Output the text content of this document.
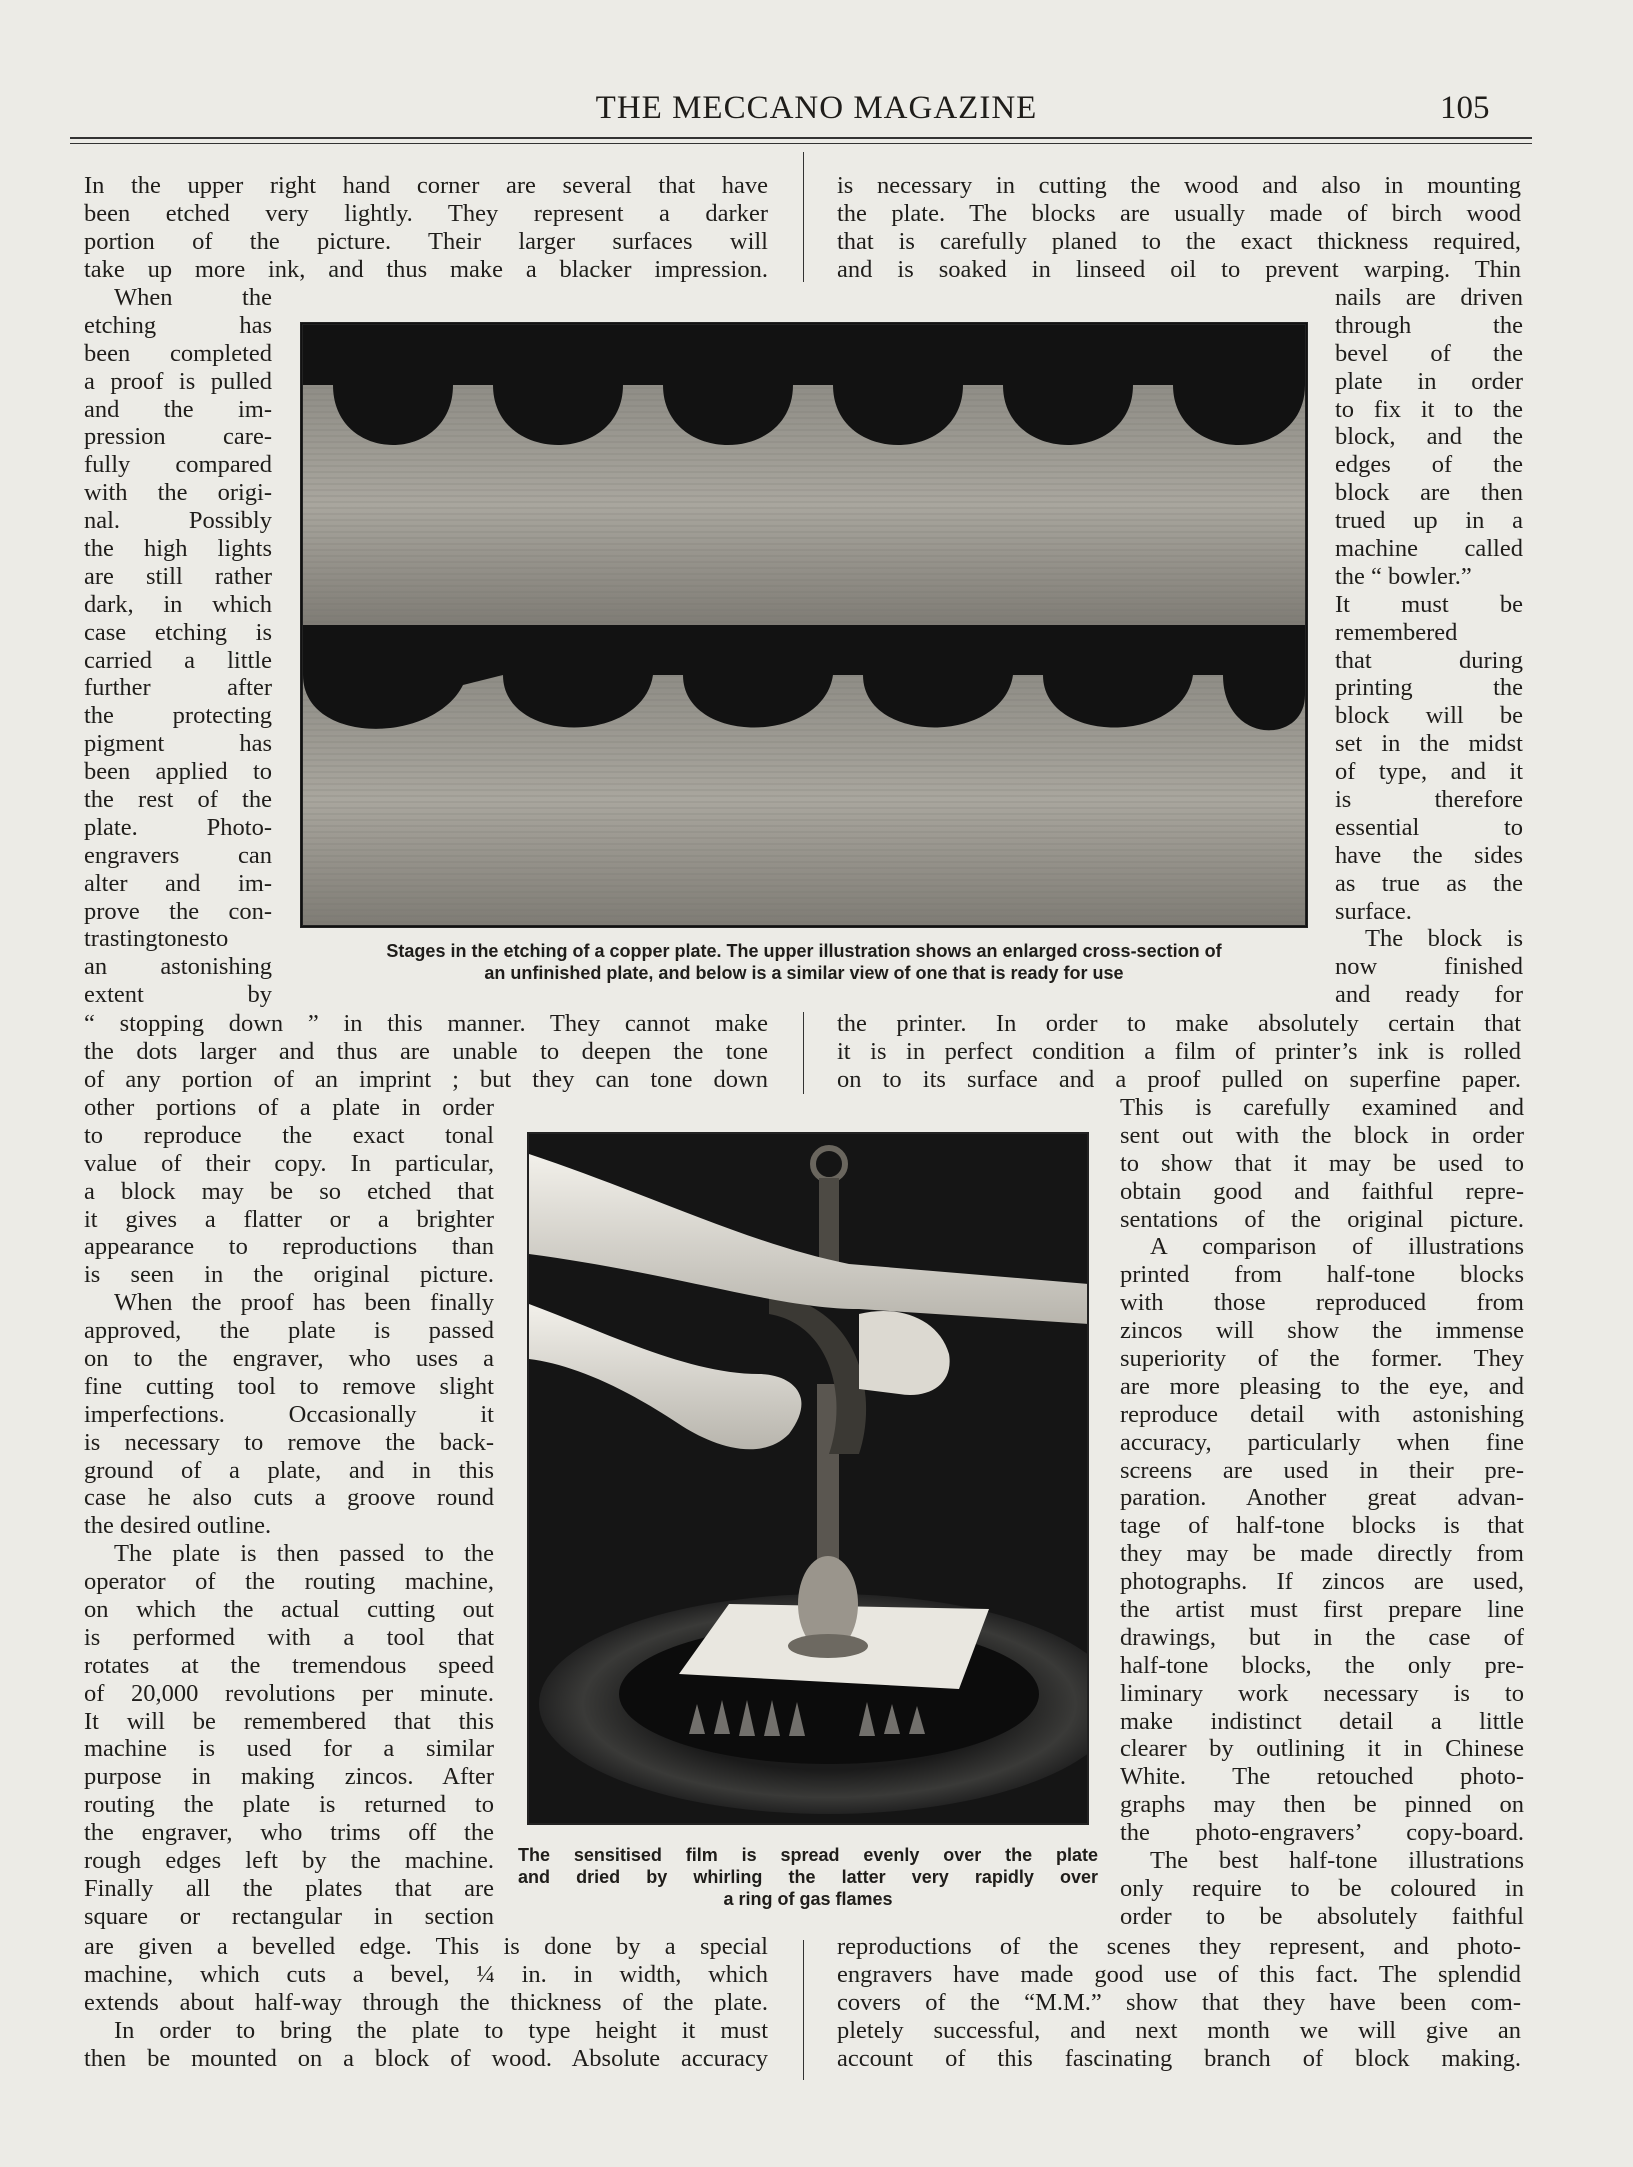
THE MECCANO MAGAZINE	105
In the upper right hand corner are several that have
been etched very lightly. They represent a darker
portion of the picture. Their larger surfaces will
take up more ink, and thus make a blacker impression.
is necessary in cutting the wood and also in mounting
the plate. The blocks are usually made of birch wood
that is carefully planed to the exact thickness required,
and is soaked in linseed oil to prevent warping. Thin
When the
etching has
been completed
a proof is pulled
and the im-
pression care-
fully compared
with the origi-
nal. Possibly
the high lights
are still rather
dark, in which
case etching is
carried a little
further after
the protecting
pigment has
been applied to
the rest of the
plate. Photo-
engravers can
alter and im-
prove the con-
trastingtonesto
an astonishing
extent by
nails are driven
through the
bevel of the
plate in order
to fix it to the
block, and the
edges of the
block are then
trued up in a
machine called
the “ bowler.”
It must be
remembered
that during
printing the
block will be
set in the midst
of type, and it
is therefore
essential to
have the sides
as true as the
surface.
The block is
now finished
and ready for
Stages in the etching of a copper plate. The upper illustration shows an enlarged cross-section of
an unfinished plate, and below is a similar view of one that is ready for use
“ stopping down ” in this manner. They cannot make
the dots larger and thus are unable to deepen the tone
of any portion of an imprint ; but they can tone down
the printer. In order to make absolutely certain that
it is in perfect condition a film of printer’s ink is rolled
on to its surface and a proof pulled on superfine paper.
other portions of a plate in order
to reproduce the exact tonal
value of their copy. In particular,
a block may be so etched that
it gives a flatter or a brighter
appearance to reproductions than
is seen in the original picture.
When the proof has been finally
approved, the plate is passed
on to the engraver, who uses a
fine cutting tool to remove slight
imperfections. Occasionally it
is necessary to remove the back-
ground of a plate, and in this
case he also cuts a groove round
the desired outline.
The plate is then passed to the
operator of the routing machine,
on which the actual cutting out
is performed with a tool that
rotates at the tremendous speed
of 20,000 revolutions per minute.
It will be remembered that this
machine is used for a similar
purpose in making zincos. After
routing the plate is returned to
the engraver, who trims off the
rough edges left by the machine.
Finally all the plates that are
square or rectangular in section
This is carefully examined and
sent out with the block in order
to show that it may be used to
obtain good and faithful repre-
sentations of the original picture.
A comparison of illustrations
printed from half-tone blocks
with those reproduced from
zincos will show the immense
superiority of the former. They
are more pleasing to the eye, and
reproduce detail with astonishing
accuracy, particularly when fine
screens are used in their pre-
paration. Another great advan-
tage of half-tone blocks is that
they may be made directly from
photographs. If zincos are used,
the artist must first prepare line
drawings, but in the case of
half-tone blocks, the only pre-
liminary work necessary is to
make indistinct detail a little
clearer by outlining it in Chinese
White. The retouched photo-
graphs may then be pinned on
the photo-engravers’ copy-board.
The best half-tone illustrations
only require to be coloured in
order to be absolutely faithful
The sensitised film is spread evenly over the plate
and dried by whirling the latter very rapidly over
a ring of gas flames
are given a bevelled edge. This is done by a special
machine, which cuts a bevel, ¼ in. in width, which
extends about half-way through the thickness of the plate.
In order to bring the plate to type height it must
then be mounted on a block of wood. Absolute accuracy
reproductions of the scenes they represent, and photo-
engravers have made good use of this fact. The splendid
covers of the “M.M.” show that they have been com-
pletely successful, and next month we will give an
account of this fascinating branch of block making.
